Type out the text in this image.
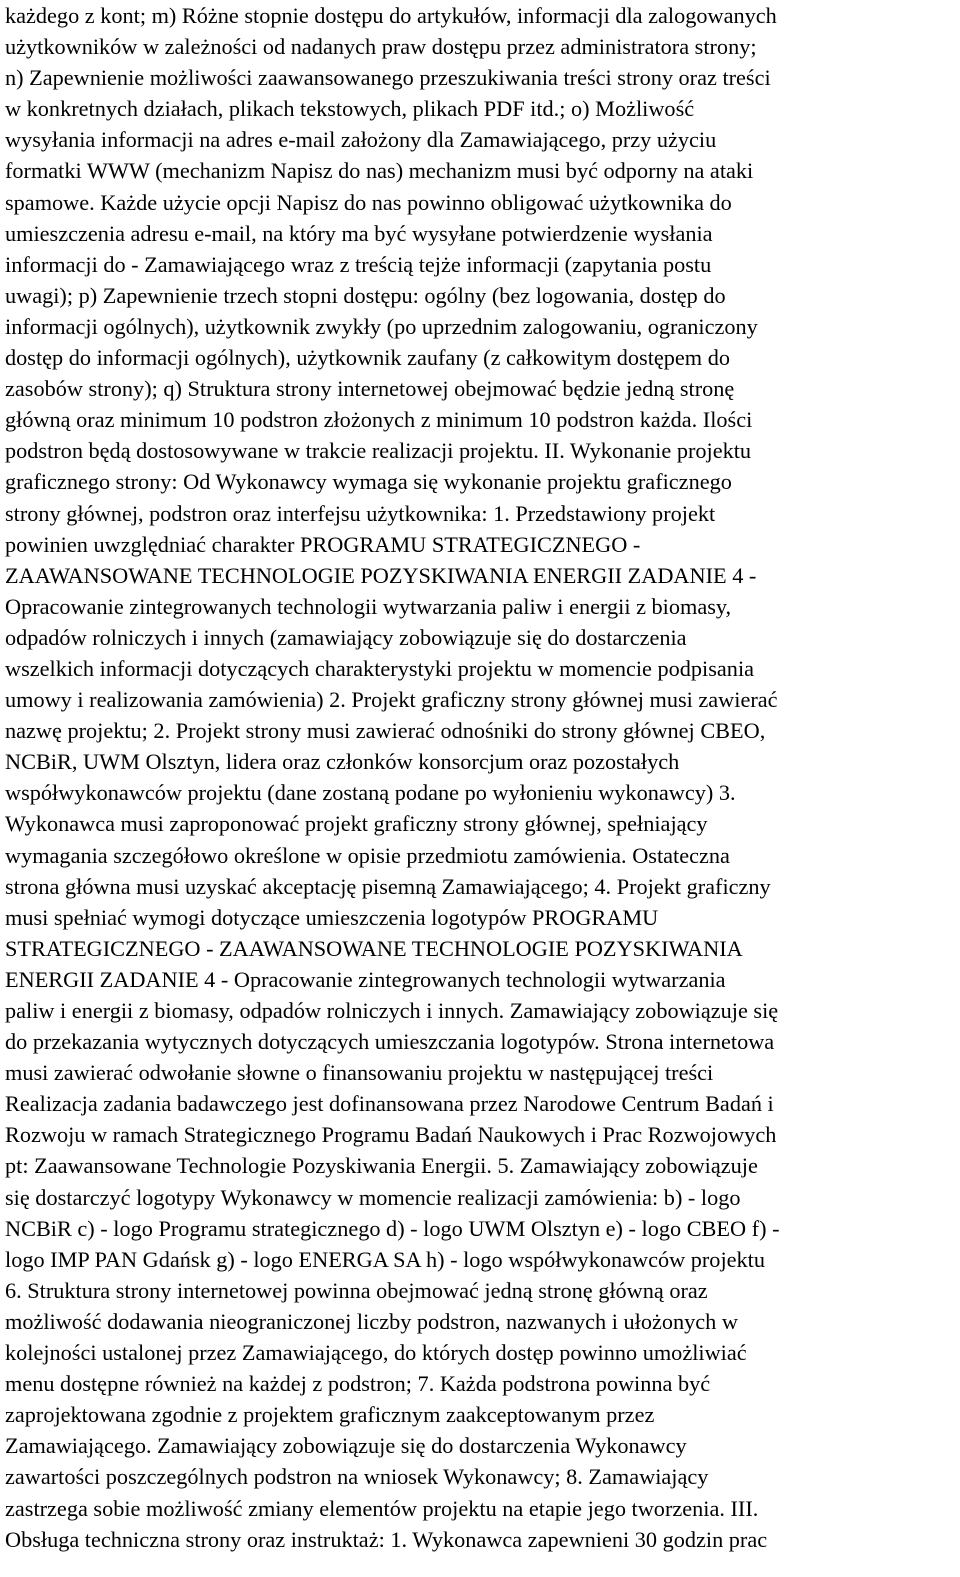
każdego z kont; m) Różne stopnie dostępu do artykułów, informacji dla zalogowanych
użytkowników w zależności od nadanych praw dostępu przez administratora strony;
n) Zapewnienie możliwości zaawansowanego przeszukiwania treści strony oraz treści
w konkretnych działach, plikach tekstowych, plikach PDF itd.; o) Możliwość
wysyłania informacji na adres e-mail założony dla Zamawiającego, przy użyciu
formatki WWW (mechanizm Napisz do nas) mechanizm musi być odporny na ataki
spamowe. Każde użycie opcji Napisz do nas powinno obligować użytkownika do
umieszczenia adresu e-mail, na który ma być wysyłane potwierdzenie wysłania
informacji do - Zamawiającego wraz z treścią tejże informacji (zapytania postu
uwagi); p) Zapewnienie trzech stopni dostępu: ogólny (bez logowania, dostęp do
informacji ogólnych), użytkownik zwykły (po uprzednim zalogowaniu, ograniczony
dostęp do informacji ogólnych), użytkownik zaufany (z całkowitym dostępem do
zasobów strony); q) Struktura strony internetowej obejmować będzie jedną stronę
główną oraz minimum 10 podstron złożonych z minimum 10 podstron każda. Ilości
podstron będą dostosowywane w trakcie realizacji projektu. II. Wykonanie projektu
graficznego strony: Od Wykonawcy wymaga się wykonanie projektu graficznego
strony głównej, podstron oraz interfejsu użytkownika: 1. Przedstawiony projekt
powinien uwzględniać charakter PROGRAMU STRATEGICZNEGO -
ZAAWANSOWANE TECHNOLOGIE POZYSKIWANIA ENERGII ZADANIE 4 -
Opracowanie zintegrowanych technologii wytwarzania paliw i energii z biomasy,
odpadów rolniczych i innych (zamawiający zobowiązuje się do dostarczenia
wszelkich informacji dotyczących charakterystyki projektu w momencie podpisania
umowy i realizowania zamówienia) 2. Projekt graficzny strony głównej musi zawierać
nazwę projektu; 2. Projekt strony musi zawierać odnośniki do strony głównej CBEO,
NCBiR, UWM Olsztyn, lidera oraz członków konsorcjum oraz pozostałych
współwykonawców projektu (dane zostaną podane po wyłonieniu wykonawcy) 3.
Wykonawca musi zaproponować projekt graficzny strony głównej, spełniający
wymagania szczegółowo określone w opisie przedmiotu zamówienia. Ostateczna
strona główna musi uzyskać akceptację pisemną Zamawiającego; 4. Projekt graficzny
musi spełniać wymogi dotyczące umieszczenia logotypów PROGRAMU
STRATEGICZNEGO - ZAAWANSOWANE TECHNOLOGIE POZYSKIWANIA
ENERGII ZADANIE 4 - Opracowanie zintegrowanych technologii wytwarzania
paliw i energii z biomasy, odpadów rolniczych i innych. Zamawiający zobowiązuje się
do przekazania wytycznych dotyczących umieszczania logotypów. Strona internetowa
musi zawierać odwołanie słowne o finansowaniu projektu w następującej treści
Realizacja zadania badawczego jest dofinansowana przez Narodowe Centrum Badań i
Rozwoju w ramach Strategicznego Programu Badań Naukowych i Prac Rozwojowych
pt: Zaawansowane Technologie Pozyskiwania Energii. 5. Zamawiający zobowiązuje
się dostarczyć logotypy Wykonawcy w momencie realizacji zamówienia: b) - logo
NCBiR c) - logo Programu strategicznego d) - logo UWM Olsztyn e) - logo CBEO f) -
logo IMP PAN Gdańsk g) - logo ENERGA SA h) - logo współwykonawców projektu
6. Struktura strony internetowej powinna obejmować jedną stronę główną oraz
możliwość dodawania nieograniczonej liczby podstron, nazwanych i ułożonych w
kolejności ustalonej przez Zamawiającego, do których dostęp powinno umożliwiać
menu dostępne również na każdej z podstron; 7. Każda podstrona powinna być
zaprojektowana zgodnie z projektem graficznym zaakceptowanym przez
Zamawiającego. Zamawiający zobowiązuje się do dostarczenia Wykonawcy
zawartości poszczególnych podstron na wniosek Wykonawcy; 8. Zamawiający
zastrzega sobie możliwość zmiany elementów projektu na etapie jego tworzenia. III.
Obsługa techniczna strony oraz instruktaż: 1. Wykonawca zapewnieni 30 godzin prac
